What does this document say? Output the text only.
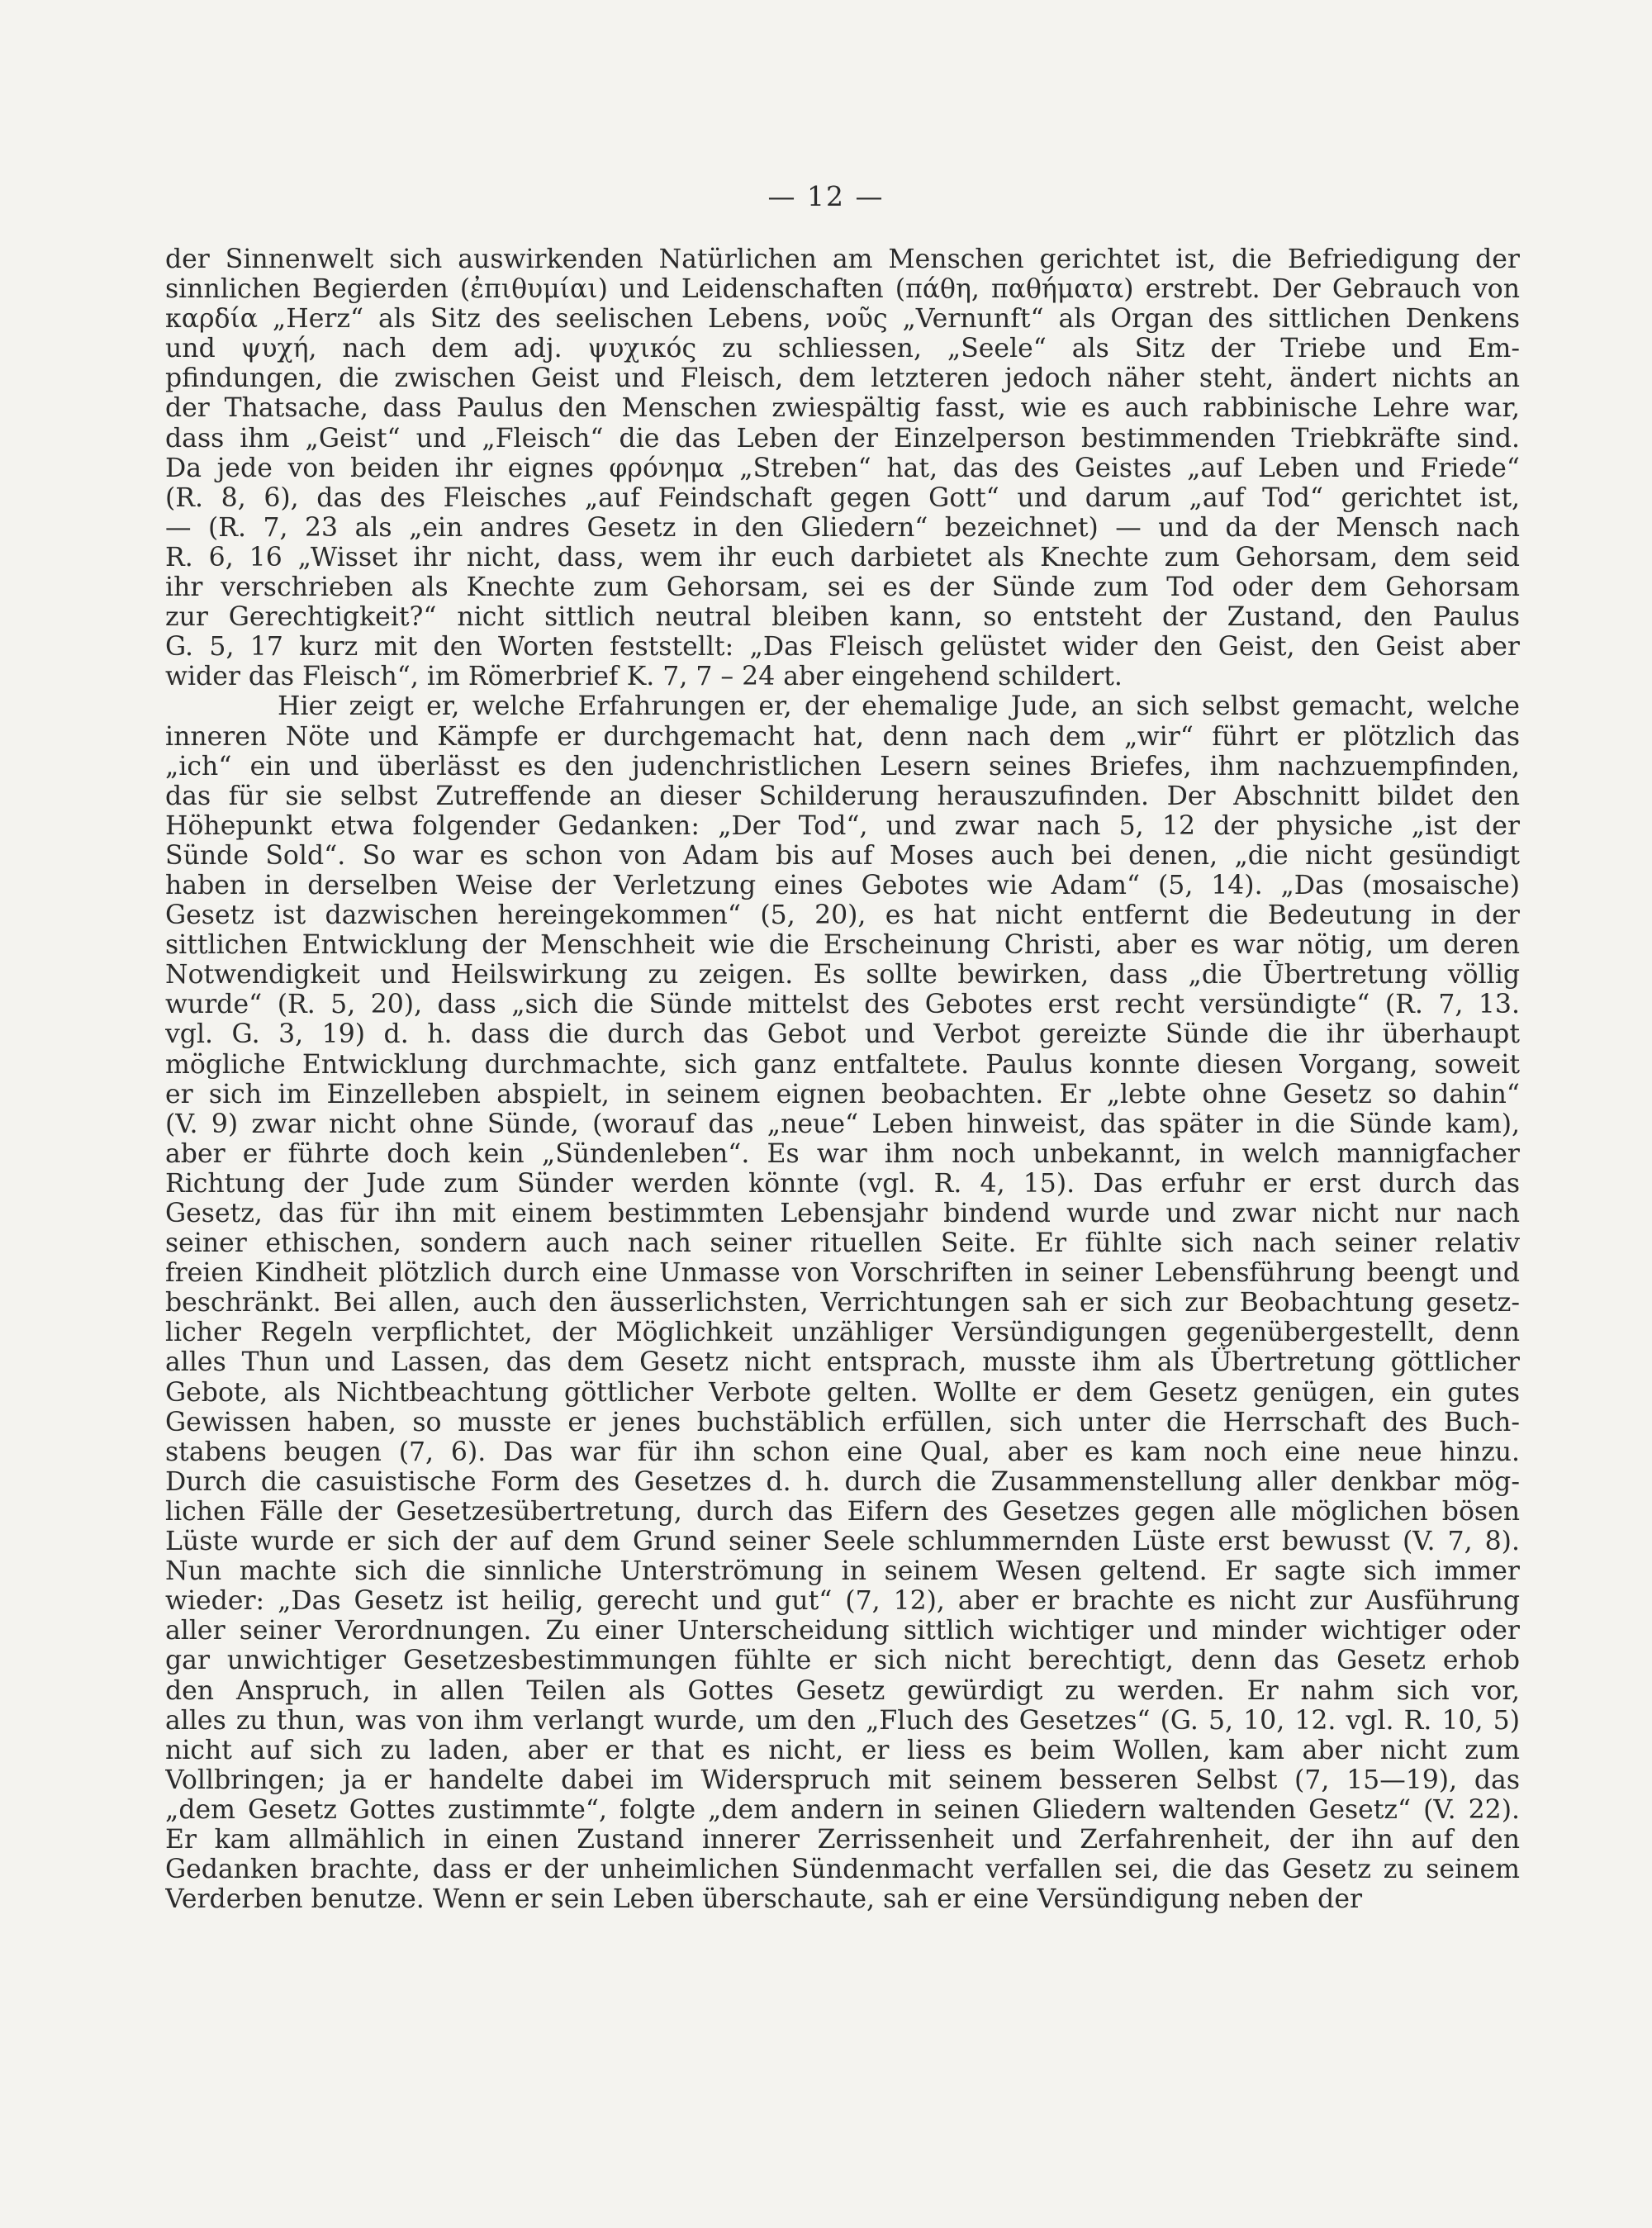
— 12 —
der Sinnenwelt sich auswirkenden Natürlichen am Menschen gerichtet ist, die Befriedigung der
sinnlichen Begierden (ἐπιθυμίαι) und Leidenschaften (πάθη, παθήματα) erstrebt. Der Gebrauch von
καρδία „Herz“ als Sitz des seelischen Lebens, νοῦς „Vernunft“ als Organ des sittlichen Denkens
und ψυχή, nach dem adj. ψυχικός zu schliessen, „Seele“ als Sitz der Triebe und Em-
pfindungen, die zwischen Geist und Fleisch, dem letzteren jedoch näher steht, ändert nichts an
der Thatsache, dass Paulus den Menschen zwiespältig fasst, wie es auch rabbinische Lehre war,
dass ihm „Geist“ und „Fleisch“ die das Leben der Einzelperson bestimmenden Triebkräfte sind.
Da jede von beiden ihr eignes φρόνημα „Streben“ hat, das des Geistes „auf Leben und Friede“
(R. 8, 6), das des Fleisches „auf Feindschaft gegen Gott“ und darum „auf Tod“ gerichtet ist,
— (R. 7, 23 als „ein andres Gesetz in den Gliedern“ bezeichnet) — und da der Mensch nach
R. 6, 16 „Wisset ihr nicht, dass, wem ihr euch darbietet als Knechte zum Gehorsam, dem seid
ihr verschrieben als Knechte zum Gehorsam, sei es der Sünde zum Tod oder dem Gehorsam
zur Gerechtigkeit?“ nicht sittlich neutral bleiben kann, so entsteht der Zustand, den Paulus
G. 5, 17 kurz mit den Worten feststellt: „Das Fleisch gelüstet wider den Geist, den Geist aber
wider das Fleisch“, im Römerbrief K. 7, 7 – 24 aber eingehend schildert.
Hier zeigt er, welche Erfahrungen er, der ehemalige Jude, an sich selbst gemacht, welche
inneren Nöte und Kämpfe er durchgemacht hat, denn nach dem „wir“ führt er plötzlich das
„ich“ ein und überlässt es den judenchristlichen Lesern seines Briefes, ihm nachzuempfinden,
das für sie selbst Zutreffende an dieser Schilderung herauszufinden. Der Abschnitt bildet den
Höhepunkt etwa folgender Gedanken: „Der Tod“, und zwar nach 5, 12 der physiche „ist der
Sünde Sold“. So war es schon von Adam bis auf Moses auch bei denen, „die nicht gesündigt
haben in derselben Weise der Verletzung eines Gebotes wie Adam“ (5, 14). „Das (mosaische)
Gesetz ist dazwischen hereingekommen“ (5, 20), es hat nicht entfernt die Bedeutung in der
sittlichen Entwicklung der Menschheit wie die Erscheinung Christi, aber es war nötig, um deren
Notwendigkeit und Heilswirkung zu zeigen. Es sollte bewirken, dass „die Übertretung völlig
wurde“ (R. 5, 20), dass „sich die Sünde mittelst des Gebotes erst recht versündigte“ (R. 7, 13.
vgl. G. 3, 19) d. h. dass die durch das Gebot und Verbot gereizte Sünde die ihr überhaupt
mögliche Entwicklung durchmachte, sich ganz entfaltete. Paulus konnte diesen Vorgang, soweit
er sich im Einzelleben abspielt, in seinem eignen beobachten. Er „lebte ohne Gesetz so dahin“
(V. 9) zwar nicht ohne Sünde, (worauf das „neue“ Leben hinweist, das später in die Sünde kam),
aber er führte doch kein „Sündenleben“. Es war ihm noch unbekannt, in welch mannigfacher
Richtung der Jude zum Sünder werden könnte (vgl. R. 4, 15). Das erfuhr er erst durch das
Gesetz, das für ihn mit einem bestimmten Lebensjahr bindend wurde und zwar nicht nur nach
seiner ethischen, sondern auch nach seiner rituellen Seite. Er fühlte sich nach seiner relativ
freien Kindheit plötzlich durch eine Unmasse von Vorschriften in seiner Lebensführung beengt und
beschränkt. Bei allen, auch den äusserlichsten, Verrichtungen sah er sich zur Beobachtung gesetz-
licher Regeln verpflichtet, der Möglichkeit unzähliger Versündigungen gegenübergestellt, denn
alles Thun und Lassen, das dem Gesetz nicht entsprach, musste ihm als Übertretung göttlicher
Gebote, als Nichtbeachtung göttlicher Verbote gelten. Wollte er dem Gesetz genügen, ein gutes
Gewissen haben, so musste er jenes buchstäblich erfüllen, sich unter die Herrschaft des Buch-
stabens beugen (7, 6). Das war für ihn schon eine Qual, aber es kam noch eine neue hinzu.
Durch die casuistische Form des Gesetzes d. h. durch die Zusammenstellung aller denkbar mög-
lichen Fälle der Gesetzesübertretung, durch das Eifern des Gesetzes gegen alle möglichen bösen
Lüste wurde er sich der auf dem Grund seiner Seele schlummernden Lüste erst bewusst (V. 7, 8).
Nun machte sich die sinnliche Unterströmung in seinem Wesen geltend. Er sagte sich immer
wieder: „Das Gesetz ist heilig, gerecht und gut“ (7, 12), aber er brachte es nicht zur Ausführung
aller seiner Verordnungen. Zu einer Unterscheidung sittlich wichtiger und minder wichtiger oder
gar unwichtiger Gesetzesbestimmungen fühlte er sich nicht berechtigt, denn das Gesetz erhob
den Anspruch, in allen Teilen als Gottes Gesetz gewürdigt zu werden. Er nahm sich vor,
alles zu thun, was von ihm verlangt wurde, um den „Fluch des Gesetzes“ (G. 5, 10, 12. vgl. R. 10, 5)
nicht auf sich zu laden, aber er that es nicht, er liess es beim Wollen, kam aber nicht zum
Vollbringen; ja er handelte dabei im Widerspruch mit seinem besseren Selbst (7, 15—19), das
„dem Gesetz Gottes zustimmte“, folgte „dem andern in seinen Gliedern waltenden Gesetz“ (V. 22).
Er kam allmählich in einen Zustand innerer Zerrissenheit und Zerfahrenheit, der ihn auf den
Gedanken brachte, dass er der unheimlichen Sündenmacht verfallen sei, die das Gesetz zu seinem
Verderben benutze. Wenn er sein Leben überschaute, sah er eine Versündigung neben der
